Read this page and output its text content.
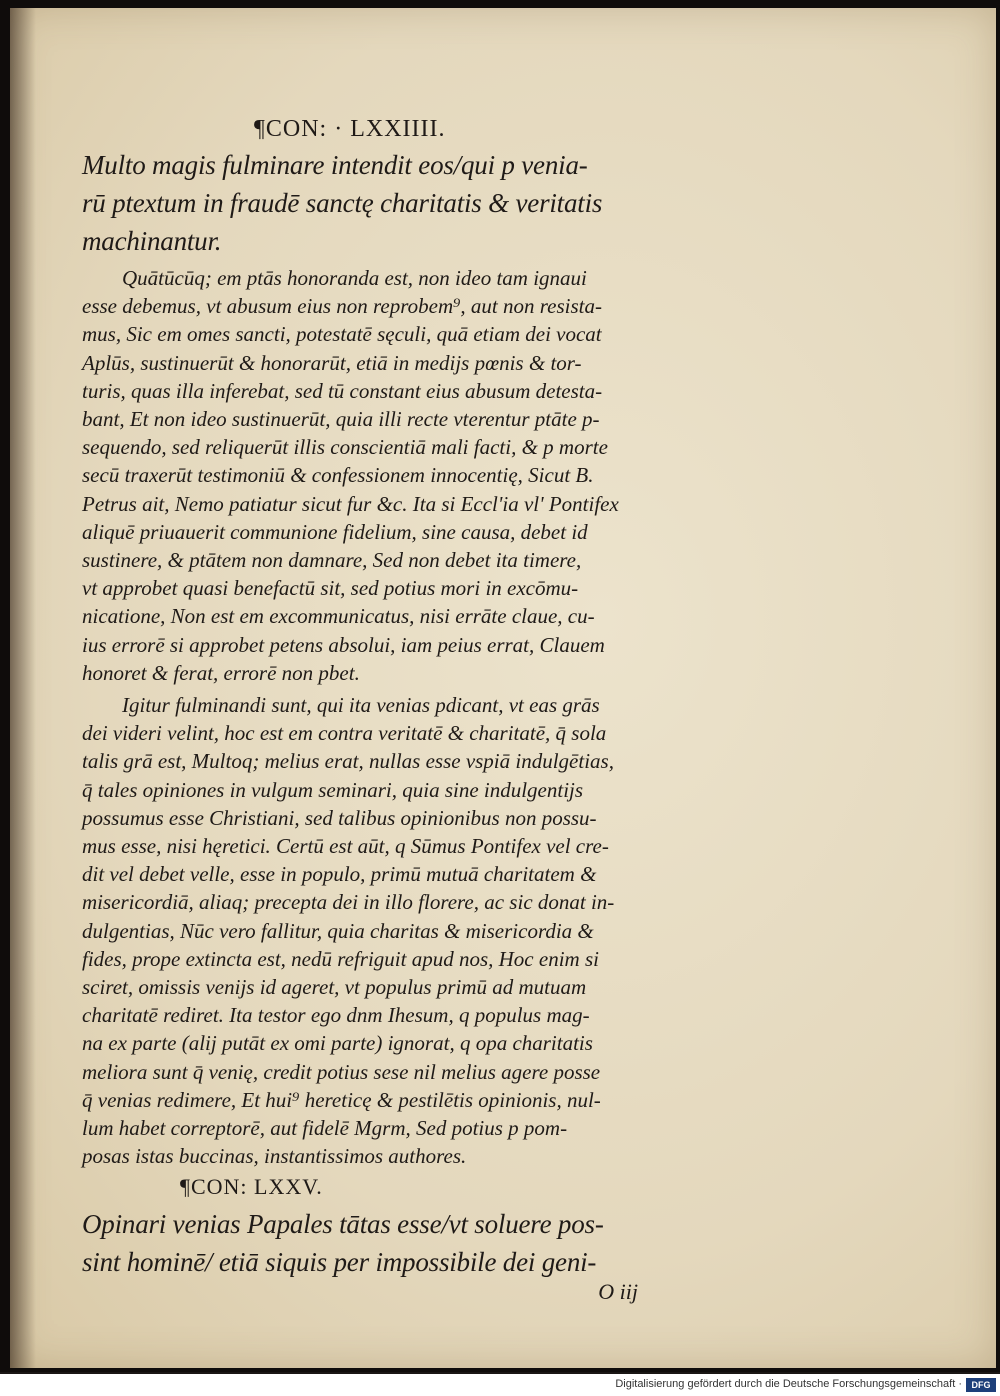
¶CON: · LXXIIII.
Multo magis fulminare intendit eos/qui p venia-
rū ptextum in fraudē sanctę charitatis & veritatis
machinantur.
Quātūcūq; em ptās honoranda est, non ideo tam ignaui
esse debemus, vt abusum eius non reprobem⁹, aut non resista-
mus, Sic em omes sancti, potestatē sęculi, quā etiam dei vocat
Aplūs, sustinuerūt & honorarūt, etiā in medijs pœnis & tor-
turis, quas illa inferebat, sed tū constant eius abusum detesta-
bant, Et non ideo sustinuerūt, quia illi recte vterentur ptāte p-
sequendo, sed reliquerūt illis conscientiā mali facti, & p morte
secū traxerūt testimoniū & confessionem innocentię, Sicut B.
Petrus ait, Nemo patiatur sicut fur &c. Ita si Eccl'ia vl' Pontifex
aliquē priuauerit communione fidelium, sine causa, debet id
sustinere, & ptātem non damnare, Sed non debet ita timere,
vt approbet quasi benefactū sit, sed potius mori in excōmu-
nicatione, Non est em excommunicatus, nisi errāte claue, cu-
ius errorē si approbet petens absolui, iam peius errat, Clauem
honoret & ferat, errorē non pbet.
Igitur fulminandi sunt, qui ita venias pdicant, vt eas grās
dei videri velint, hoc est em contra veritatē & charitatē, q̄ sola
talis grā est, Multoq; melius erat, nullas esse vspiā indulgētias,
q̄ tales opiniones in vulgum seminari, quia sine indulgentijs
possumus esse Christiani, sed talibus opinionibus non possu-
mus esse, nisi hęretici. Certū est aūt, q Sūmus Pontifex vel cre-
dit vel debet velle, esse in populo, primū mutuā charitatem &
misericordiā, aliaq; precepta dei in illo florere, ac sic donat in-
dulgentias, Nūc vero fallitur, quia charitas & misericordia &
fides, prope extincta est, nedū refriguit apud nos, Hoc enim si
sciret, omissis venijs id ageret, vt populus primū ad mutuam
charitatē rediret. Ita testor ego dnm Ihesum, q populus mag-
na ex parte (alij putāt ex omi parte) ignorat, q opa charitatis
meliora sunt q̄ venię, credit potius sese nil melius agere posse
q̄ venias redimere, Et hui⁹ hereticę & pestilētis opinionis, nul-
lum habet correptorē, aut fidelē Mgrm, Sed potius p pom-
posas istas buccinas, instantissimos authores.
¶CON: LXXV.
Opinari venias Papales tātas esse/vt soluere pos-
sint hominē/ etiā siquis per impossibile dei geni-
O iij
Digitalisierung gefördert durch die Deutsche Forschungsgemeinschaft ·	DFG
